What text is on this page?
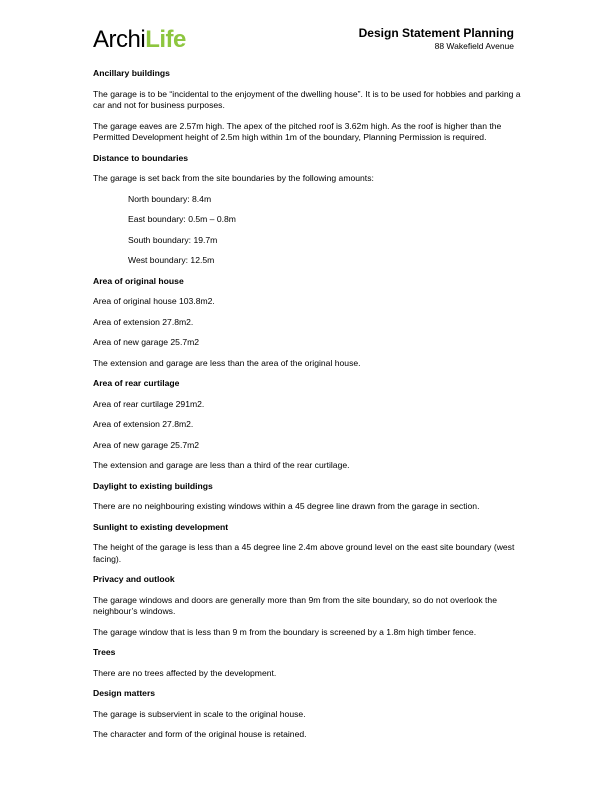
ArchiLife	Design Statement Planning
88 Wakefield Avenue
Ancillary buildings

The garage is to be “incidental to the enjoyment of the dwelling house”. It is to be used for hobbies and parking a car and not for business purposes.

The garage eaves are 2.57m high. The apex of the pitched roof is 3.62m high. As the roof is higher than the Permitted Development height of 2.5m high within 1m of the boundary, Planning Permission is required.

Distance to boundaries

The garage is set back from the site boundaries by the following amounts:

North boundary: 8.4m

East boundary: 0.5m – 0.8m

South boundary: 19.7m

West boundary: 12.5m

Area of original house

Area of original house 103.8m2.

Area of extension 27.8m2.

Area of new garage 25.7m2

The extension and garage are less than the area of the original house.

Area of rear curtilage

Area of rear curtilage 291m2.

Area of extension 27.8m2.

Area of new garage 25.7m2

The extension and garage are less than a third of the rear curtilage.

Daylight to existing buildings

There are no neighbouring existing windows within a 45 degree line drawn from the garage in section.

Sunlight to existing development

The height of the garage is less than a 45 degree line 2.4m above ground level on the east site boundary (west facing).

Privacy and outlook

The garage windows and doors are generally more than 9m from the site boundary, so do not overlook the neighbour’s windows.

The garage window that is less than 9 m from the boundary is screened by a 1.8m high timber fence.

Trees

There are no trees affected by the development.

Design matters

The garage is subservient in scale to the original house.

The character and form of the original house is retained.
